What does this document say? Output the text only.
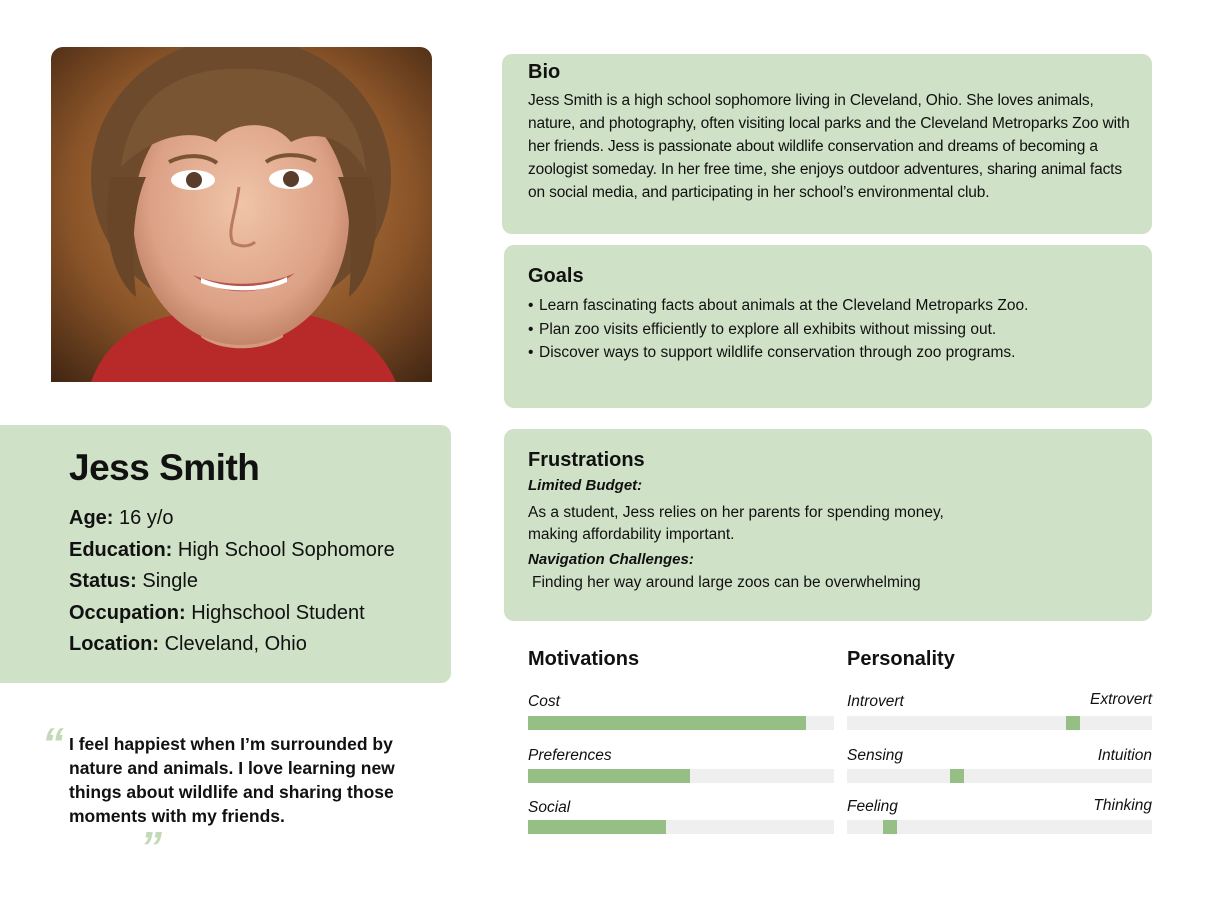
Jess Smith
Age: 16 y/o
Education: High School Sophomore
Status: Single
Occupation: Highschool Student
Location: Cleveland, Ohio
“ I feel happiest when I’m surrounded by nature and animals. I love learning new things about wildlife and sharing those moments with my friends.
”
Bio

Jess Smith is a high school sophomore living in Cleveland, Ohio. She loves animals, nature, and photography, often visiting local parks and the Cleveland Metroparks Zoo with her friends. Jess is passionate about wildlife conservation and dreams of becoming a zoologist someday. In her free time, she enjoys outdoor adventures, sharing animal facts on social media, and participating in her school’s environmental club.

Goals
• Learn fascinating facts about animals at the Cleveland Metroparks Zoo.
• Plan zoo visits efficiently to explore all exhibits without missing out.
• Discover ways to support wildlife conservation through zoo programs.
Frustrations
Limited Budget:
As a student, Jess relies on her parents for spending money,
making affordability important.
Navigation Challenges:
Finding her way around large zoos can be overwhelming
Motivations
Cost
Preferences
Social
Personality
Introvert	Extrovert
Sensing	Intuition
Feeling	Thinking
